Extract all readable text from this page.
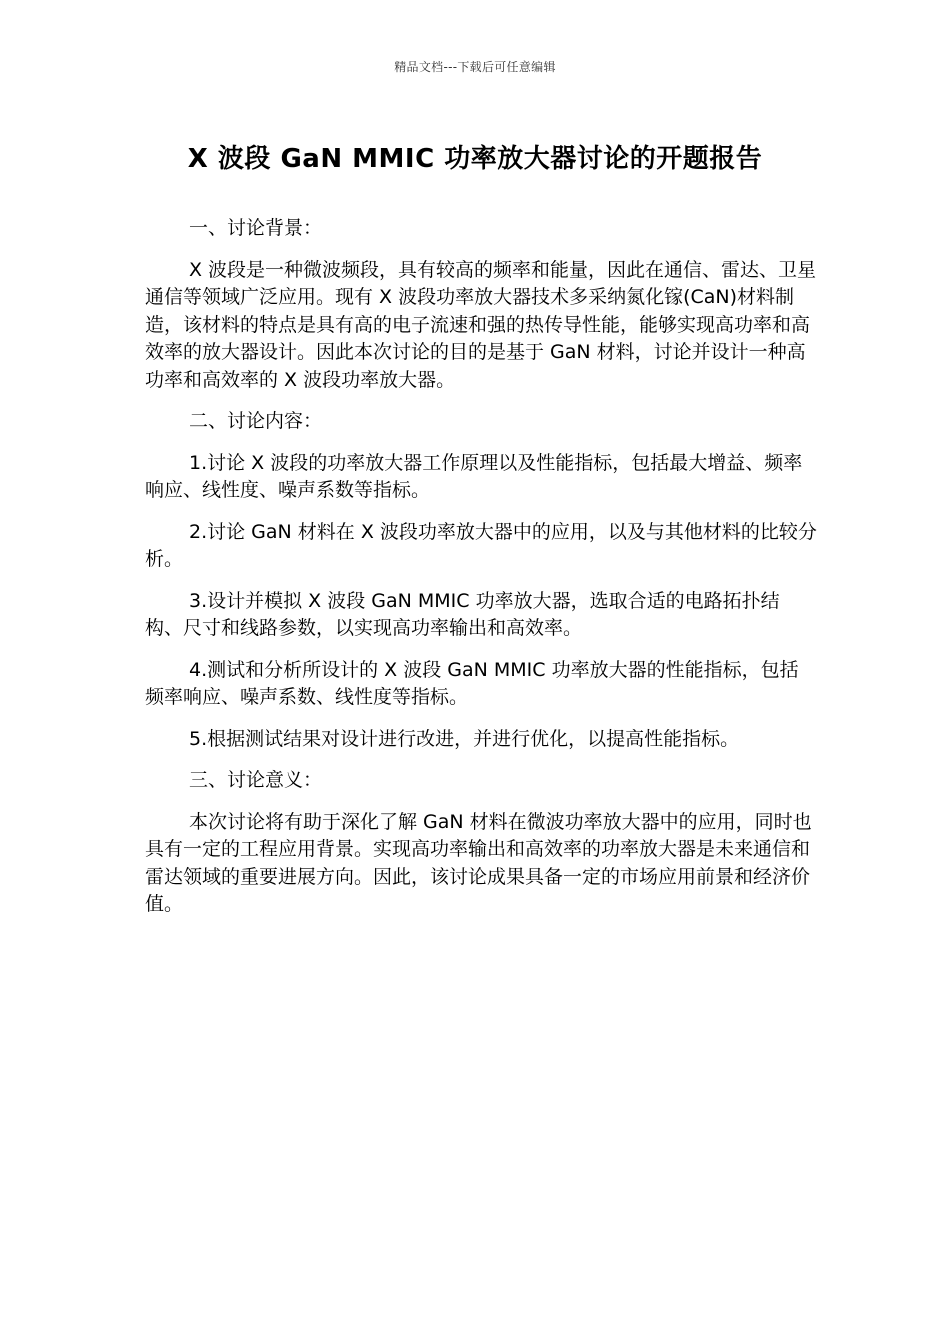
精品文档---下载后可任意编辑
X 波段 GaN MMIC 功率放大器讨论的开题报告

一、讨论背景：

X 波段是一种微波频段，具有较高的频率和能量，因此在通信、雷达、卫星通信等领域广泛应用。现有 X 波段功率放大器技术多采纳氮化镓(CaN)材料制造，该材料的特点是具有高的电子流速和强的热传导性能，能够实现高功率和高效率的放大器设计。因此本次讨论的目的是基于 GaN 材料，讨论并设计一种高功率和高效率的 X 波段功率放大器。

二、讨论内容：

1.讨论 X 波段的功率放大器工作原理以及性能指标，包括最大增益、频率响应、线性度、噪声系数等指标。

2.讨论 GaN 材料在 X 波段功率放大器中的应用，以及与其他材料的比较分析。

3.设计并模拟 X 波段 GaN MMIC 功率放大器，选取合适的电路拓扑结构、尺寸和线路参数，以实现高功率输出和高效率。

4.测试和分析所设计的 X 波段 GaN MMIC 功率放大器的性能指标，包括频率响应、噪声系数、线性度等指标。

5.根据测试结果对设计进行改进，并进行优化，以提高性能指标。

三、讨论意义：

本次讨论将有助于深化了解 GaN 材料在微波功率放大器中的应用，同时也具有一定的工程应用背景。实现高功率输出和高效率的功率放大器是未来通信和雷达领域的重要进展方向。因此，该讨论成果具备一定的市场应用前景和经济价值。
